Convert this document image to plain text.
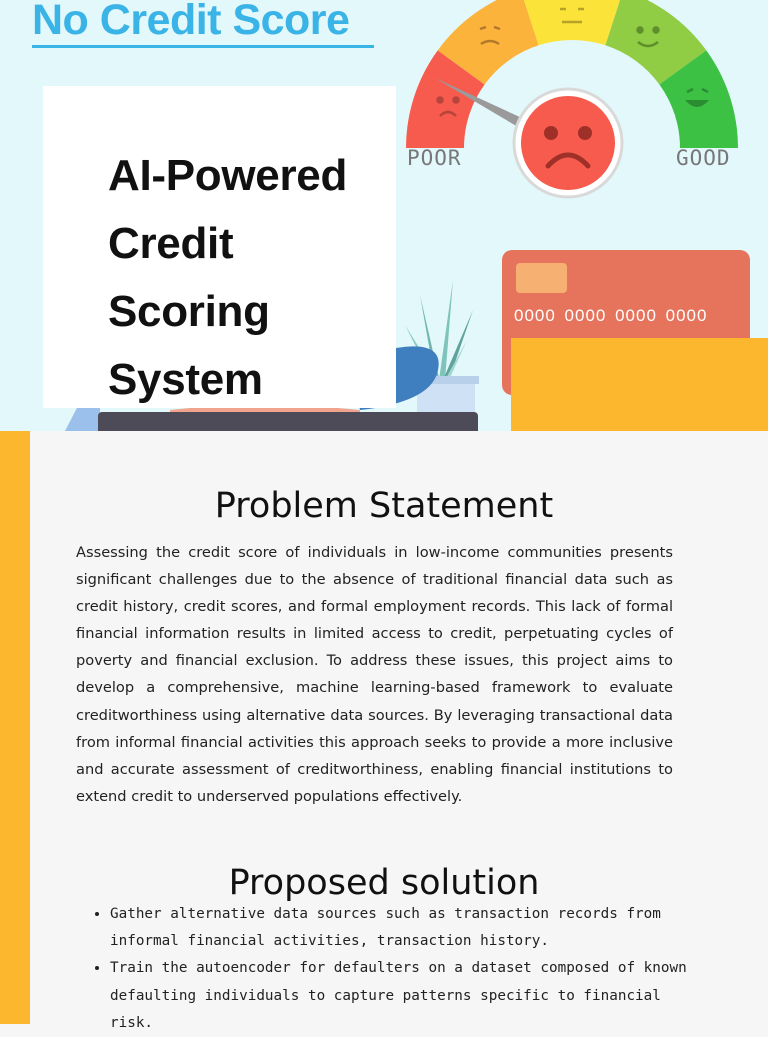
No Credit Score
POOR	GOOD
0000 0000 0000 0000
AI-Powered Credit Scoring System
Problem Statement

Assessing the credit score of individuals in low-income communities presents significant challenges due to the absence of traditional financial data such as credit history, credit scores, and formal employment records. This lack of formal financial information results in limited access to credit, perpetuating cycles of poverty and financial exclusion. To address these issues, this project aims to develop a comprehensive, machine learning-based framework to evaluate creditworthiness using alternative data sources. By leveraging transactional data from informal financial activities this approach seeks to provide a more inclusive and accurate assessment of creditworthiness, enabling financial institutions to extend credit to underserved populations effectively.

Proposed solution
• Gather alternative data sources such as transaction records from informal financial activities, transaction history.
• Train the autoencoder for defaulters on a dataset composed of known defaulting individuals to capture patterns specific to financial risk.
